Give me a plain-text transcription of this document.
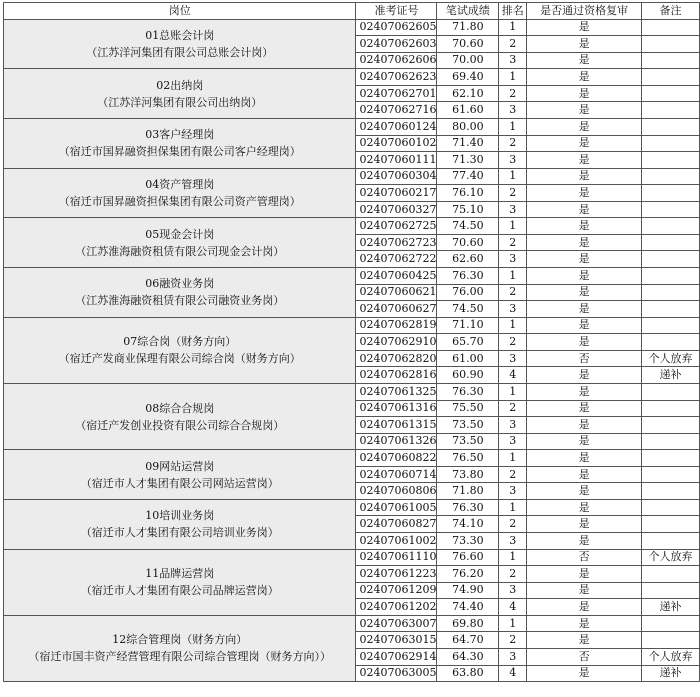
岗位	准考证号	笔试成绩	排名	是否通过资格复审	备注

01总账会计岗
（江苏洋河集团有限公司总账会计岗）	02407062605	71.80	1	是	
	02407062603	70.60	2	是	
	02407062606	70.00	3	是	

02出纳岗
（江苏洋河集团有限公司出纳岗）	02407062623	69.40	1	是	
	02407062701	62.10	2	是	
	02407062716	61.60	3	是	

03客户经理岗
（宿迁市国昇融资担保集团有限公司客户经理岗）	02407060124	80.00	1	是	
	02407060102	71.40	2	是	
	02407060111	71.30	3	是	

04资产管理岗
（宿迁市国昇融资担保集团有限公司资产管理岗）	02407060304	77.40	1	是	
	02407060217	76.10	2	是	
	02407060327	75.10	3	是	

05现金会计岗
（江苏淮海融资租赁有限公司现金会计岗）	02407062725	74.50	1	是	
	02407062723	70.60	2	是	
	02407062722	62.60	3	是	

06融资业务岗
（江苏淮海融资租赁有限公司融资业务岗）	02407060425	76.30	1	是	
	02407060621	76.00	2	是	
	02407060627	74.50	3	是	

07综合岗（财务方向）
（宿迁产发商业保理有限公司综合岗（财务方向）	02407062819	71.10	1	是	
	02407062910	65.70	2	是	
	02407062820	61.00	3	否	个人放弃
	02407062816	60.90	4	是	递补

08综合合规岗
（宿迁产发创业投资有限公司综合合规岗）	02407061325	76.30	1	是	
	02407061316	75.50	2	是	
	02407061315	73.50	3	是	
	02407061326	73.50	3	是	

09网站运营岗
（宿迁市人才集团有限公司网站运营岗）	02407060822	76.50	1	是	
	02407060714	73.80	2	是	
	02407060806	71.80	3	是	

10培训业务岗
（宿迁市人才集团有限公司培训业务岗）	02407061005	76.30	1	是	
	02407060827	74.10	2	是	
	02407061002	73.30	3	是	

11品牌运营岗
（宿迁市人才集团有限公司品牌运营岗）	02407061110	76.60	1	否	个人放弃
	02407061223	76.20	2	是	
	02407061209	74.90	3	是	
	02407061202	74.40	4	是	递补

12综合管理岗（财务方向）
（宿迁市国丰资产经营管理有限公司综合管理岗（财务方向））	02407063007	69.80	1	是	
	02407063015	64.70	2	是	
	02407062914	64.30	3	否	个人放弃
	02407063005	63.80	4	是	递补
